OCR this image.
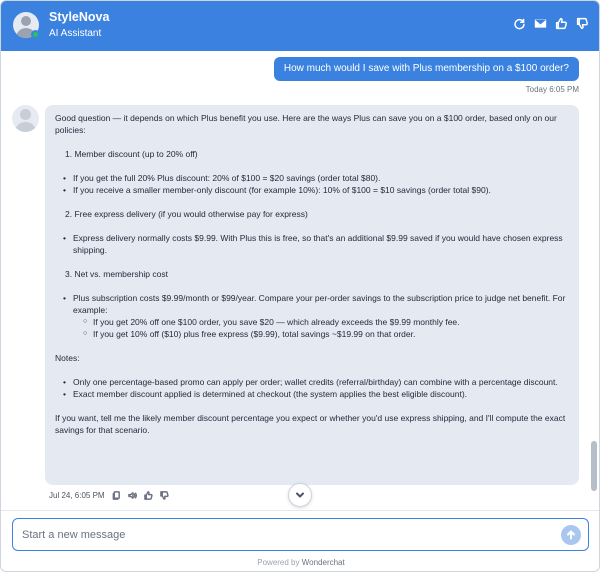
StyleNova
AI Assistant
How much would I save with Plus membership on a $100 order?
Today 6:05 PM

Good question — it depends on which Plus benefit you use. Here are the ways Plus can save you on a $100 order, based only on our policies:

1. Member discount (up to 20% off)

• If you get the full 20% Plus discount: 20% of $100 = $20 savings (order total $80).
• If you receive a smaller member-only discount (for example 10%): 10% of $100 = $10 savings (order total $90).

2. Free express delivery (if you would otherwise pay for express)

• Express delivery normally costs $9.99. With Plus this is free, so that's an additional $9.99 saved if you would have chosen express shipping.

3. Net vs. membership cost

• Plus subscription costs $9.99/month or $99/year. Compare your per-order savings to the subscription price to judge net benefit. For example:
○ If you get 20% off one $100 order, you save $20 — which already exceeds the $9.99 monthly fee.
○ If you get 10% off ($10) plus free express ($9.99), total savings ~$19.99 on that order.

Notes:

• Only one percentage-based promo can apply per order; wallet credits (referral/birthday) can combine with a percentage discount.
• Exact member discount applied is determined at checkout (the system applies the best eligible discount).

If you want, tell me the likely member discount percentage you expect or whether you'd use express shipping, and I'll compute the exact savings for that scenario.

Jul 24, 6:05 PM
Start a new message
Powered by Wonderchat
